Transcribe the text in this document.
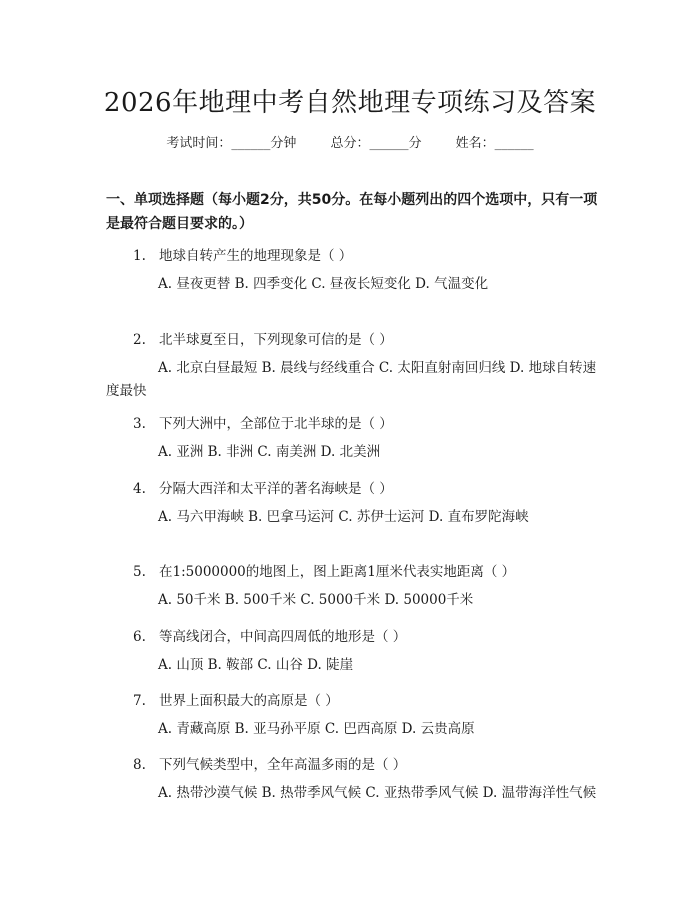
2026年地理中考自然地理专项练习及答案
考试时间：______分钟	总分：______分	姓名：______
一、单项选择题（每小题2分，共50分。在每小题列出的四个选项中，只有一项是最符合题目要求的。）
1. 地球自转产生的地理现象是（ ）
A. 昼夜更替 B. 四季变化 C. 昼夜长短变化 D. 气温变化
2. 北半球夏至日，下列现象可信的是（ ）
A. 北京白昼最短 B. 晨线与经线重合 C. 太阳直射南回归线 D. 地球自转速度最快
3. 下列大洲中，全部位于北半球的是（ ）
A. 亚洲 B. 非洲 C. 南美洲 D. 北美洲
4. 分隔大西洋和太平洋的著名海峡是（ ）
A. 马六甲海峡 B. 巴拿马运河 C. 苏伊士运河 D. 直布罗陀海峡
5. 在1:5000000的地图上，图上距离1厘米代表实地距离（ ）
A. 50千米 B. 500千米 C. 5000千米 D. 50000千米
6. 等高线闭合，中间高四周低的地形是（ ）
A. 山顶 B. 鞍部 C. 山谷 D. 陡崖
7. 世界上面积最大的高原是（ ）
A. 青藏高原 B. 亚马孙平原 C. 巴西高原 D. 云贵高原
8. 下列气候类型中，全年高温多雨的是（ ）
A. 热带沙漠气候 B. 热带季风气候 C. 亚热带季风气候 D. 温带海洋性气候
